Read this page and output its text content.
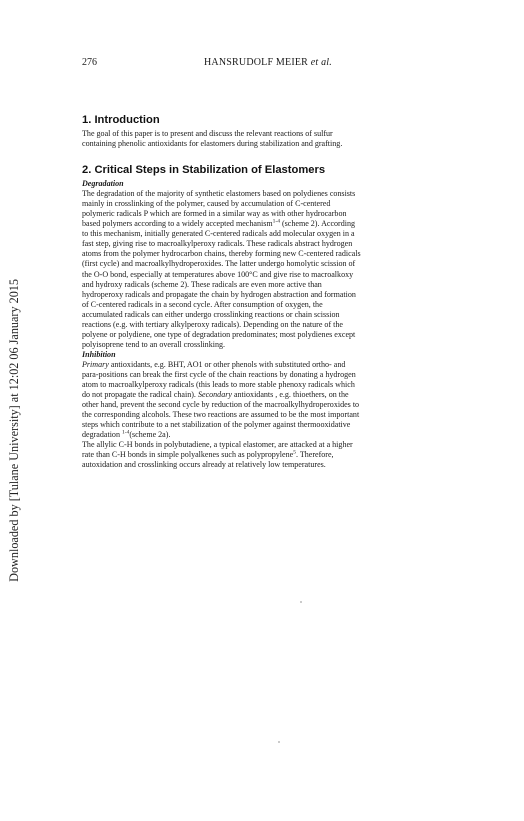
Downloaded by [Tulane University] at 12:02 06 January 2015
276	HANSRUDOLF MEIER et al.
1. Introduction

The goal of this paper is to present and discuss the relevant reactions of sulfur
containing phenolic antioxidants for elastomers during stabilization and grafting.

2. Critical Steps in Stabilization of Elastomers
Degradation

The degradation of the majority of synthetic elastomers based on polydienes consists
mainly in crosslinking of the polymer, caused by accumulation of C-centered
polymeric radicals P which are formed in a similar way as with other hydrocarbon
based polymers according to a widely accepted mechanism$^{1-4}$ (scheme 2). According
to this mechanism, initially generated C-centered radicals add molecular oxygen in a
fast step, giving rise to macroalkylperoxy radicals. These radicals abstract hydrogen
atoms from the polymer hydrocarbon chains, thereby forming new C-centered radicals
(first cycle) and macroalkylhydroperoxides. The latter undergo homolytic scission of
the O-O bond, especially at temperatures above 100°C and give rise to macroalkoxy
and hydroxy radicals (scheme 2). These radicals are even more active than
hydroperoxy radicals and propagate the chain by hydrogen abstraction and formation
of C-centered radicals in a second cycle. After consumption of oxygen, the
accumulated radicals can either undergo crosslinking reactions or chain scission
reactions (e.g. with tertiary alkylperoxy radicals). Depending on the nature of the
polyene or polydiene, one type of degradation predominates; most polydienes except
polyisoprene tend to an overall crosslinking.

Inhibition

Primary antioxidants, e.g. BHT, AO1 or other phenols with substituted ortho- and
para-positions can break the first cycle of the chain reactions by donating a hydrogen
atom to macroalkylperoxy radicals (this leads to more stable phenoxy radicals which
do not propagate the radical chain). Secondary antioxidants , e.g. thioethers, on the
other hand, prevent the second cycle by reduction of the macroalkylhydroperoxides to
the corresponding alcohols. These two reactions are assumed to be the most important
steps which contribute to a net stabilization of the polymer against thermooxidative
degradation $^{1-4}$(scheme 2a).

The allylic C-H bonds in polybutadiene, a typical elastomer, are attacked at a higher
rate than C-H bonds in simple polyalkenes such as polypropylene$^5$. Therefore,
autoxidation and crosslinking occurs already at relatively low temperatures.
